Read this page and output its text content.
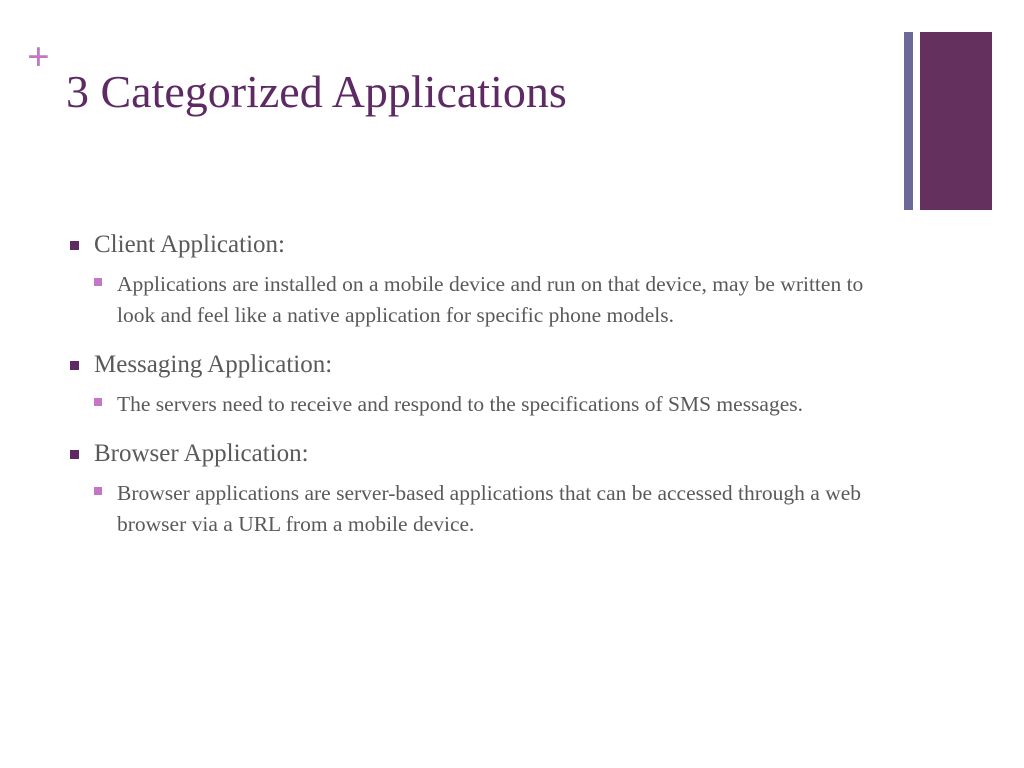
+
3 Categorized Applications
Client Application:
Applications are installed on a mobile device and run on that device, may be written to look and feel like a native application for specific phone models.
Messaging Application:
The servers need to receive and respond to the specifications of SMS messages.
Browser Application:
Browser applications are server-based applications that can be accessed through a web browser via a URL from a mobile device.
